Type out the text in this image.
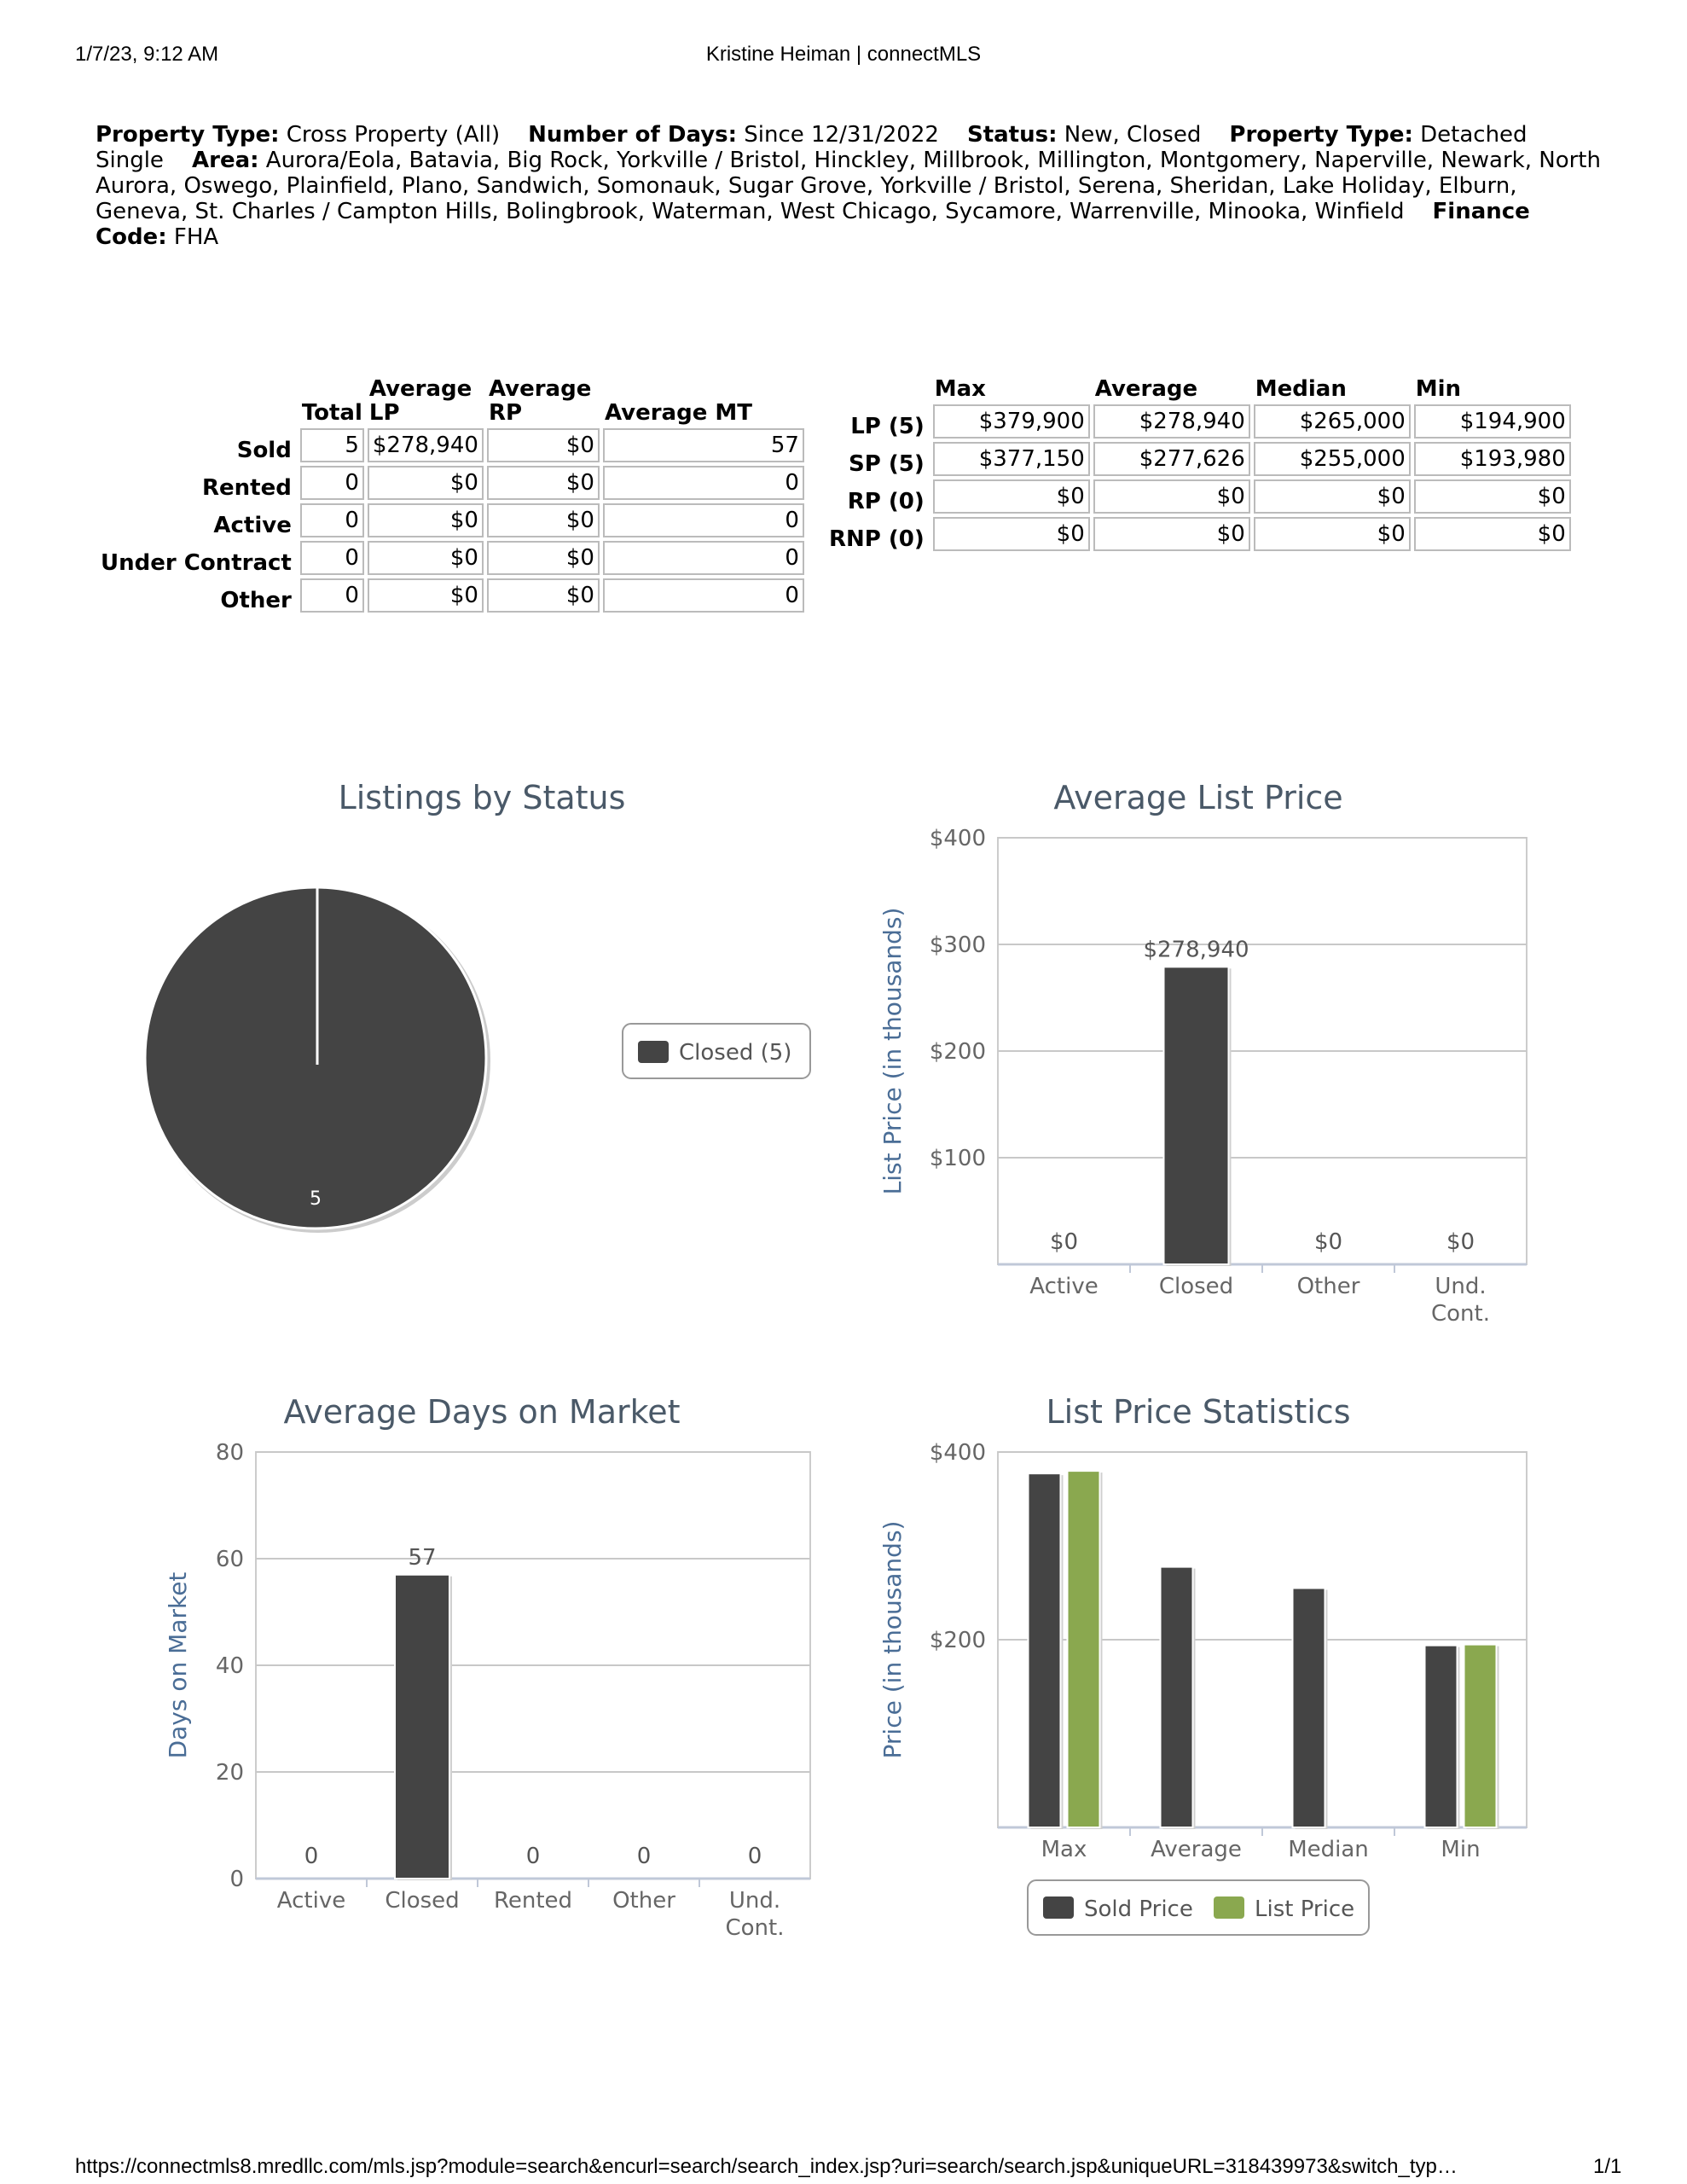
1/7/23, 9:12 AM	Kristine Heiman | connectMLS
Property Type: Cross Property (All)    Number of Days: Since 12/31/2022    Status: New, Closed    Property Type: Detached Single    Area: Aurora/Eola, Batavia, Big Rock, Yorkville / Bristol, Hinckley, Millbrook, Millington, Montgomery, Naperville, Newark, North Aurora, Oswego, Plainfield, Plano, Sandwich, Somonauk, Sugar Grove, Yorkville / Bristol, Serena, Sheridan, Lake Holiday, Elburn, Geneva, St. Charles / Campton Hills, Bolingbrook, Waterman, West Chicago, Sycamore, Warrenville, Minooka, Winfield    Finance Code: FHA
	Total	Average LP	Average RP	Average MT
Sold	5	$278,940	$0	57
Rented	0	$0	$0	0
Active	0	$0	$0	0
Under Contract	0	$0	$0	0
Other	0	$0	$0	0
	Max	Average	Median	Min
LP (5)	$379,900	$278,940	$265,000	$194,900
SP (5)	$377,150	$277,626	$255,000	$193,980
RP (0)	$0	$0	$0	$0
RNP (0)	$0	$0	$0	$0
Listings by Status
5
Closed (5)
Average List Price
$100
$200
$300
$400
List Price (in thousands)
Active	Closed	Other	Und.
Cont.
$0
$278,940
$0	$0
Average Days on Market
0
20
40
60
80
Days on Market
Active Closed Rented Other Und.
Cont.
0
57
0	0	0
List Price Statistics
$200
$400
Price (in thousands)
Max	Average Median	Min
Sold Price	List Price
https://connectmls8.mredllc.com/mls.jsp?module=search&encurl=search/search_index.jsp?uri=search/search.jsp&uniqueURL=318439973&switch_typ…	1/1
